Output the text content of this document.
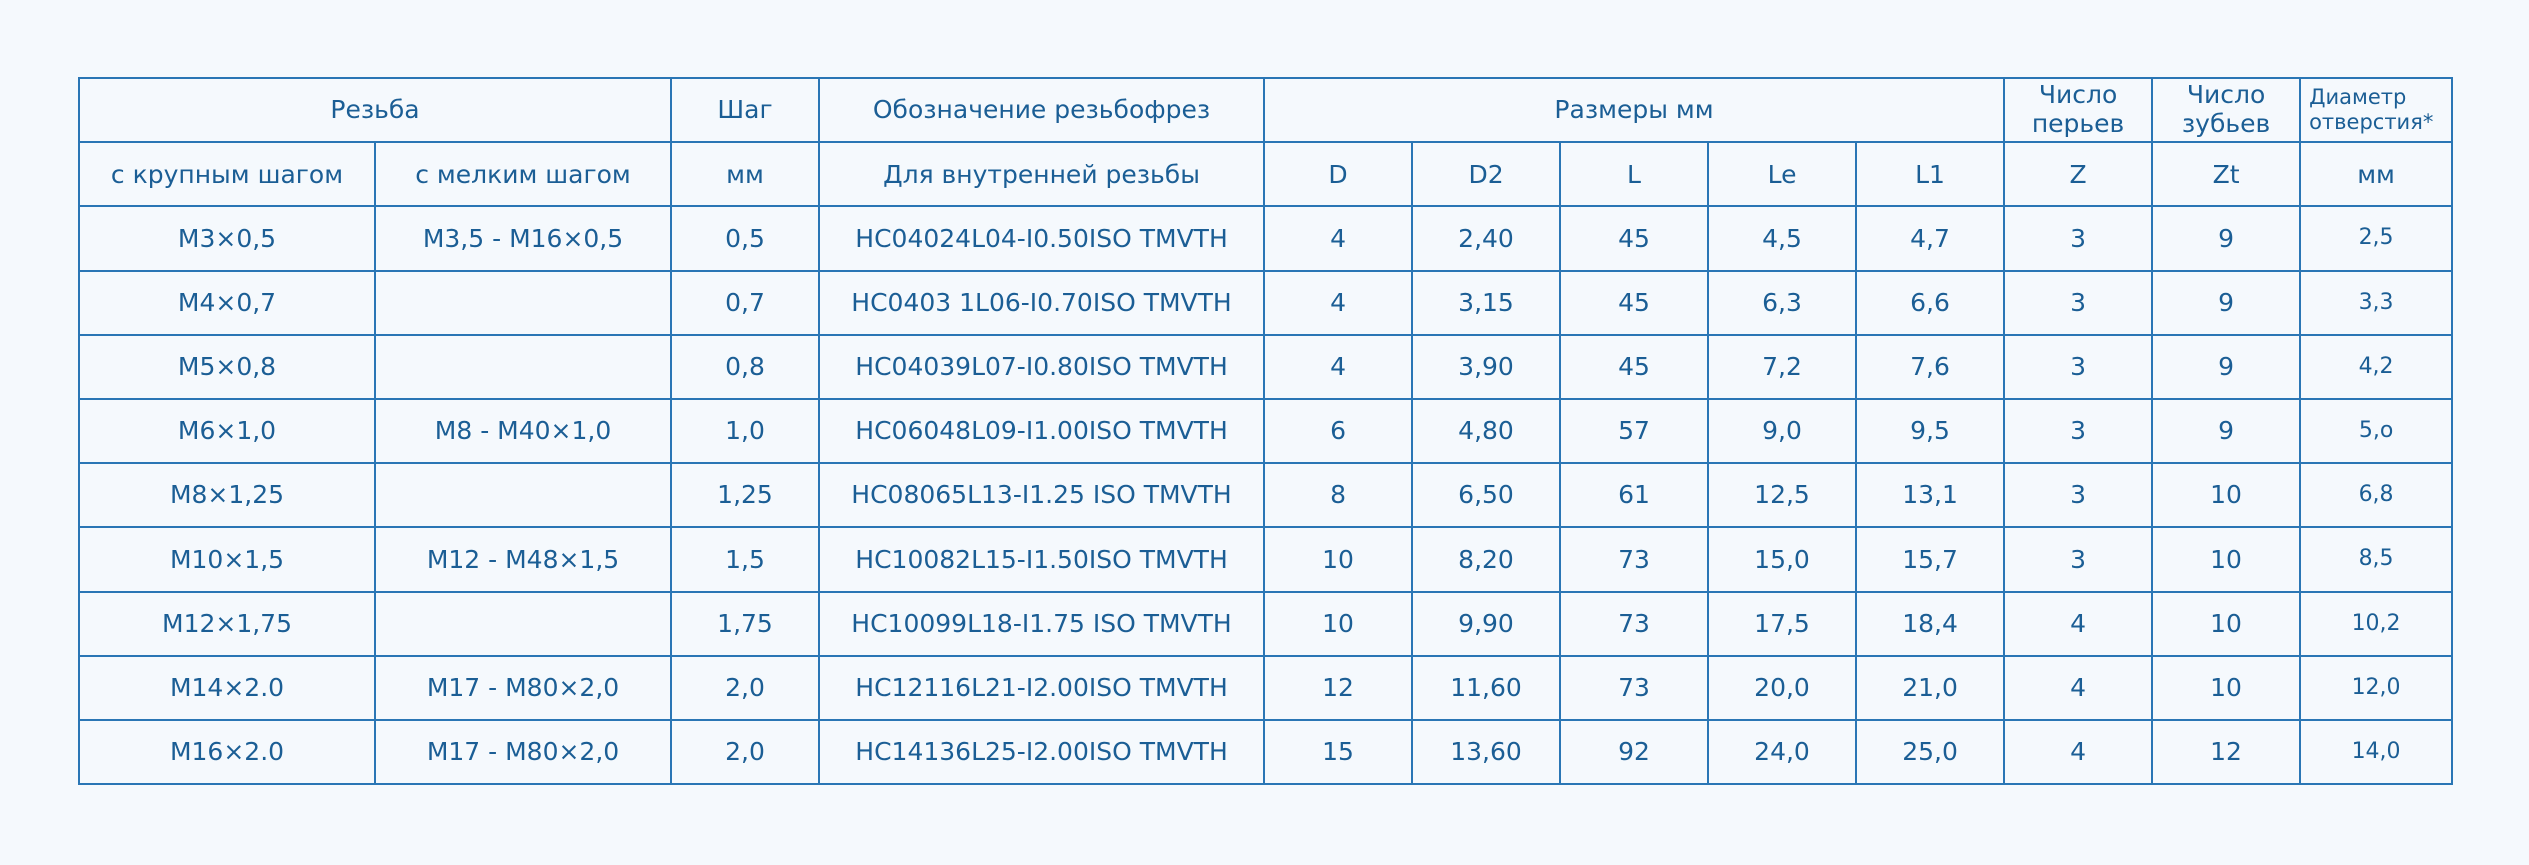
Резьба		Шаг	Обозначение резьбофрез	Размеры мм					Число перьев	Число зубьев	Диаметр отверстия*
с крупным шагом	с мелким шагом	мм	Для внутренней резьбы	D	D2	L	Le	L1	Z	Zt	мм
M3×0,5	M3,5 - M16×0,5	0,5	HC04024L04-I0.50ISO TMVTH	4	2,40	45	4,5	4,7	3	9	2,5
M4×0,7		0,7	HC0403 1L06-I0.70ISO TMVTH	4	3,15	45	6,3	6,6	3	9	3,3
M5×0,8		0,8	HC04039L07-I0.80ISO TMVTH	4	3,90	45	7,2	7,6	3	9	4,2
M6×1,0	M8 - M40×1,0	1,0	HC06048L09-I1.00ISO TMVTH	6	4,80	57	9,0	9,5	3	9	5,o
M8×1,25		1,25	HC08065L13-I1.25 ISO TMVTH	8	6,50	61	12,5	13,1	3	10	6,8
M10×1,5	M12 - M48×1,5	1,5	HC10082L15-I1.50ISO TMVTH	10	8,20	73	15,0	15,7	3	10	8,5
M12×1,75		1,75	HC10099L18-I1.75 ISO TMVTH	10	9,90	73	17,5	18,4	4	10	10,2
M14×2.0	M17 - M80×2,0	2,0	HC12116L21-I2.00ISO TMVTH	12	11,60	73	20,0	21,0	4	10	12,0
M16×2.0	M17 - M80×2,0	2,0	HC14136L25-I2.00ISO TMVTH	15	13,60	92	24,0	25,0	4	12	14,0
